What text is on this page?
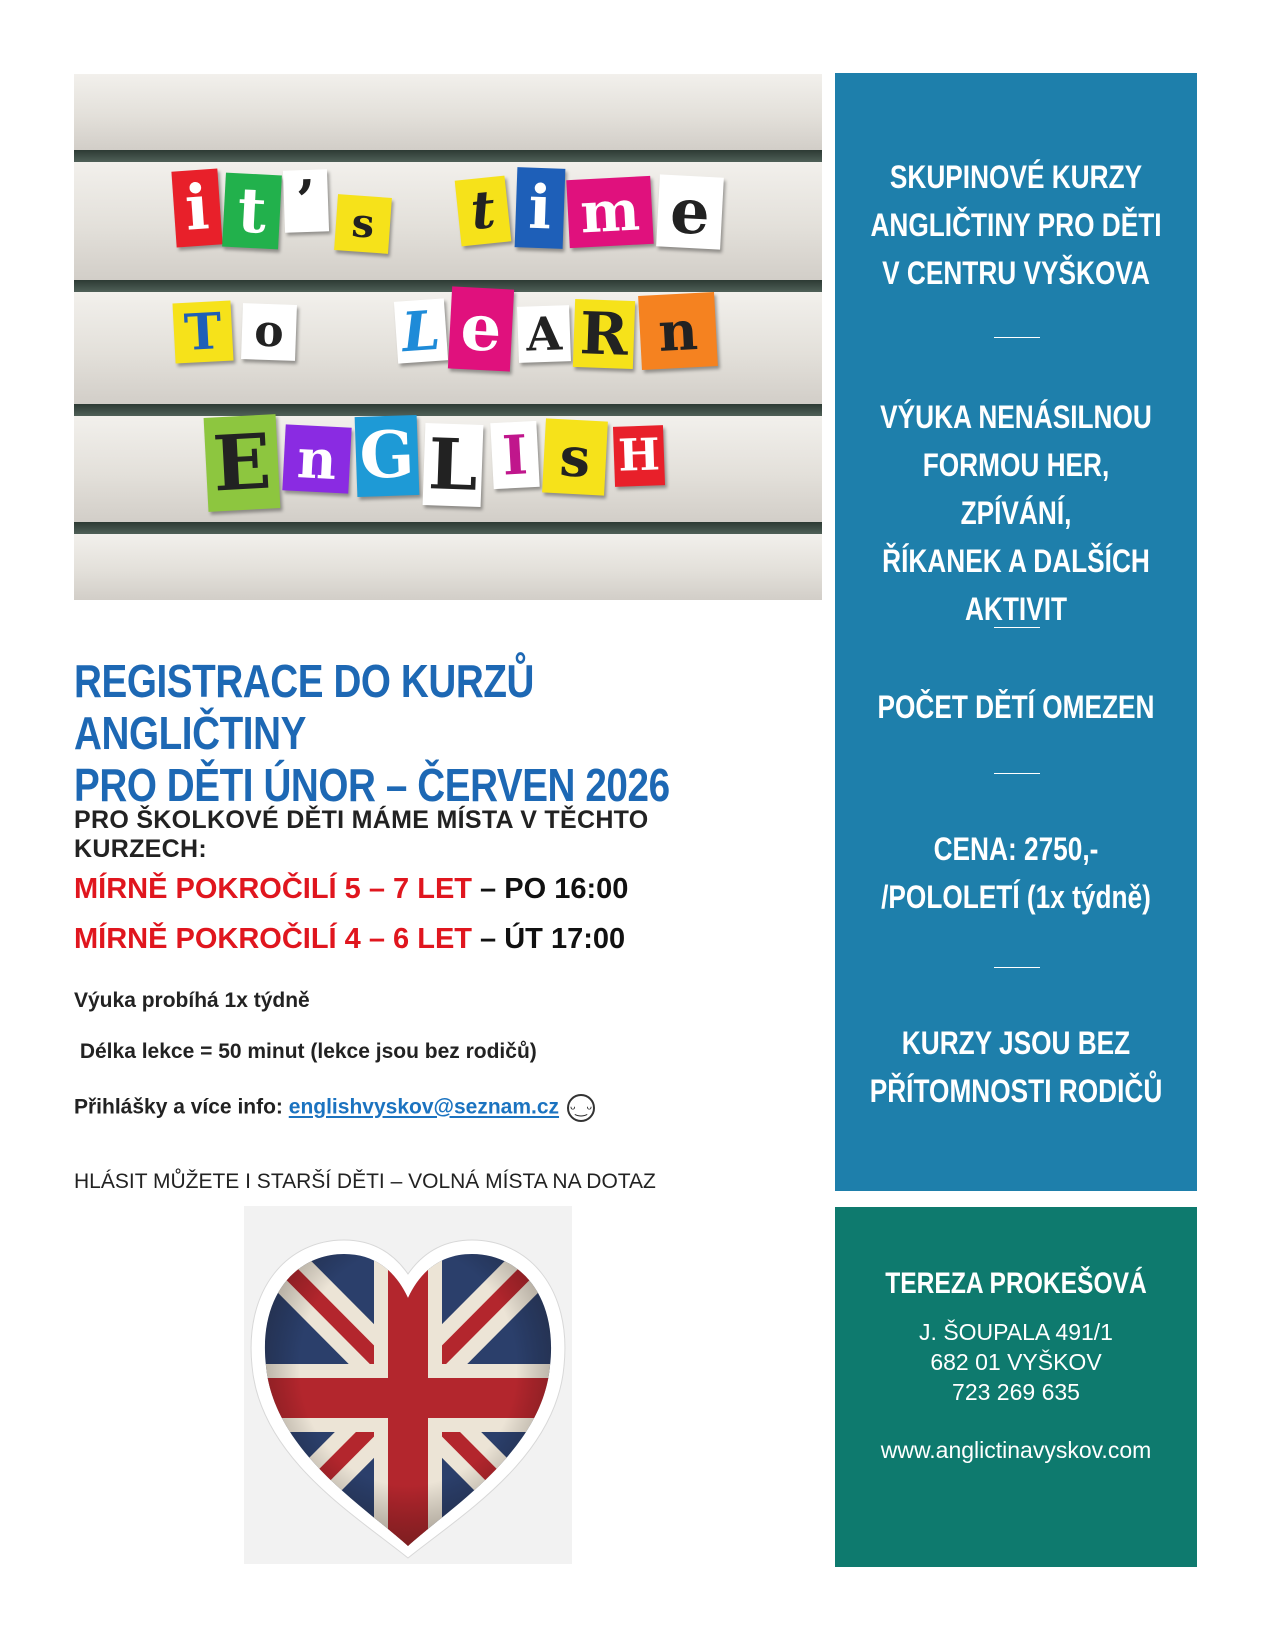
i t ’ s	t i m e
T o L e A R n
E n G L I s H
REGISTRACE DO KURZŮ ANGLIČTINY
PRO DĚTI ÚNOR – ČERVEN 2026
PRO ŠKOLKOVÉ DĚTI MÁME MÍSTA V TĚCHTO KURZECH:
MÍRNĚ POKROČILÍ 5 – 7 LET – PO 16:00
MÍRNĚ POKROČILÍ 4 – 6 LET – ÚT 17:00
Výuka probíhá 1x týdně
Délka lekce = 50 minut (lekce jsou bez rodičů)
Přihlášky a více info: englishvyskov@seznam.cz ᵕ‿ᵕ
HLÁSIT MŮŽETE I STARŠÍ DĚTI – VOLNÁ MÍSTA NA DOTAZ
SKUPINOVÉ KURZY
ANGLIČTINY PRO DĚTI
V CENTRU VYŠKOVA
VÝUKA NENÁSILNOU
FORMOU HER, ZPÍVÁNÍ,
ŘÍKANEK A DALŠÍCH
AKTIVIT
POČET DĚTÍ OMEZEN
CENA: 2750,-
/POLOLETÍ (1x týdně)
KURZY JSOU BEZ
PŘÍTOMNOSTI RODIČŮ
TEREZA PROKEŠOVÁ
J. ŠOUPALA 491/1
682 01 VYŠKOV
723 269 635
www.anglictinavyskov.com
